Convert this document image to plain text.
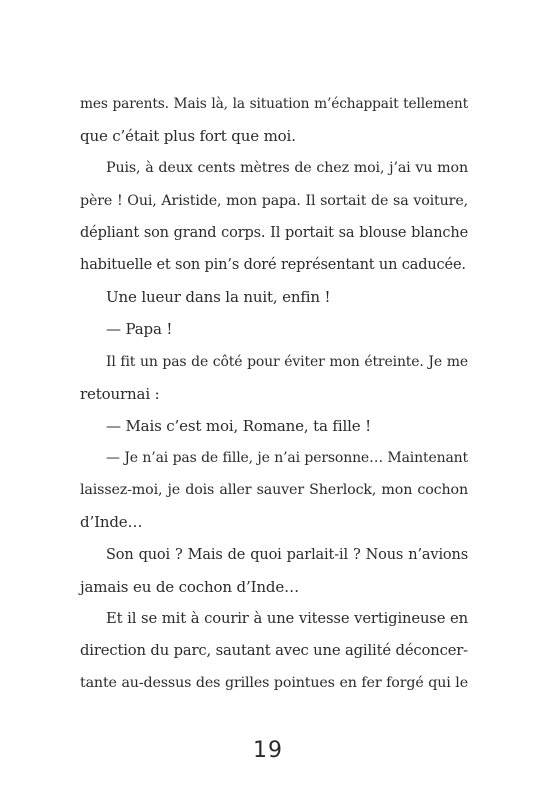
mes parents. Mais là, la situation m’échappait tellement
que c’était plus fort que moi.
Puis, à deux cents mètres de chez moi, j’ai vu mon
père ! Oui, Aristide, mon papa. Il sortait de sa voiture,
dépliant son grand corps. Il portait sa blouse blanche
habituelle et son pin’s doré représentant un caducée.
Une lueur dans la nuit, enfin !
— Papa !
Il fit un pas de côté pour éviter mon étreinte. Je me
retournai :
— Mais c’est moi, Romane, ta fille !
— Je n’ai pas de fille, je n’ai personne… Maintenant
laissez-moi, je dois aller sauver Sherlock, mon cochon
d’Inde…
Son quoi ? Mais de quoi parlait-il ? Nous n’avions
jamais eu de cochon d’Inde…
Et il se mit à courir à une vitesse vertigineuse en
direction du parc, sautant avec une agilité déconcer-
tante au-dessus des grilles pointues en fer forgé qui le
19
